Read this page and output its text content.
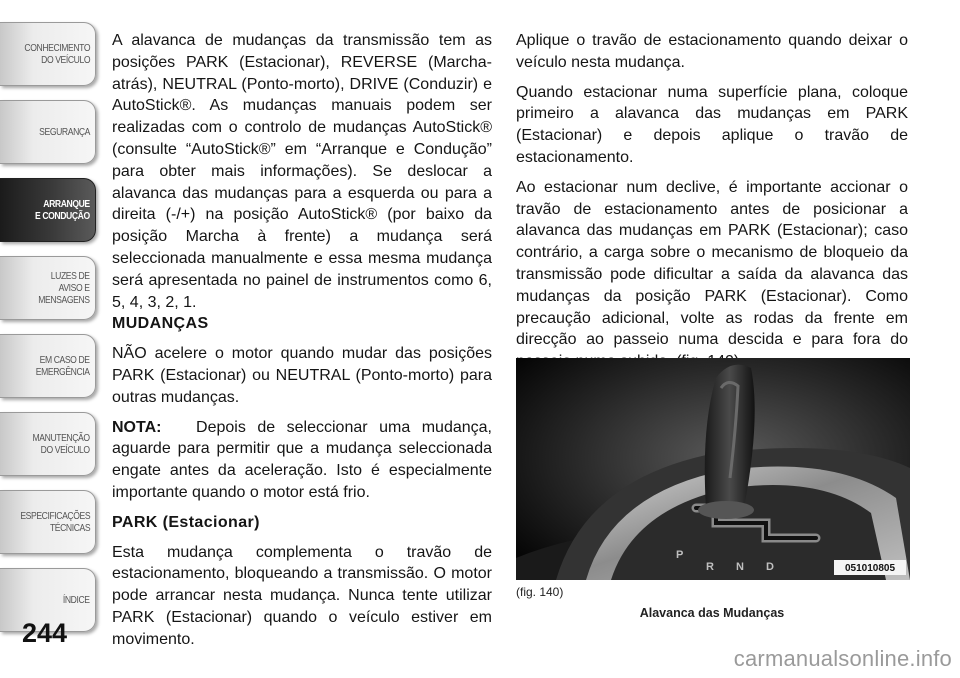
CONHECIMENTO
DO VEÍCULO
SEGURANÇA
ARRANQUE
E CONDUÇÃO
LUZES DE
AVISO E
MENSAGENS
EM CASO DE
EMERGÊNCIA
MANUTENÇÃO
DO VEÍCULO
ESPECIFICAÇÕES
TÉCNICAS
ÍNDICE
244

A alavanca de mudanças da transmissão tem as posições PARK (Estacionar), REVERSE (Marcha-atrás), NEUTRAL (Ponto-morto), DRIVE (Conduzir) e AutoStick®. As mudanças manuais podem ser realizadas com o controlo de mudanças AutoStick® (consulte “AutoStick®” em “Arranque e Condução” para obter mais informações). Se deslocar a alavanca das mudanças para a esquerda ou para a direita (-/+) na posição AutoStick® (por baixo da posição Marcha à frente) a mudança será seleccionada manualmente e essa mesma mudança será apresentada no painel de instrumentos como 6, 5, 4, 3, 2, 1.

MUDANÇAS

NÃO acelere o motor quando mudar das posições PARK (Estacionar) ou NEUTRAL (Ponto-morto) para outras mudanças.

NOTA: Depois de seleccionar uma mudança, aguarde para permitir que a mudança seleccionada engate antes da aceleração. Isto é especialmente importante quando o motor está frio.

PARK (Estacionar)

Esta mudança complementa o travão de estacionamento, bloqueando a transmissão. O motor pode arrancar nesta mudança. Nunca tente utilizar PARK (Estacionar) quando o veículo estiver em movimento.

Aplique o travão de estacionamento quando deixar o veículo nesta mudança.

Quando estacionar numa superfície plana, coloque primeiro a alavanca das mudanças em PARK (Estacionar) e depois aplique o travão de estacionamento.

Ao estacionar num declive, é importante accionar o travão de estacionamento antes de posicionar a alavanca das mudanças em PARK (Estacionar); caso contrário, a carga sobre o mecanismo de bloqueio da transmissão pode dificultar a saída da alavanca das mudanças da posição PARK (Estacionar). Como precaução adicional, volte as rodas da frente em direcção ao passeio numa descida e para fora do

P
R N D	051010805
(fig. 140)
Alavanca das Mudanças
carmanualsonline.info
